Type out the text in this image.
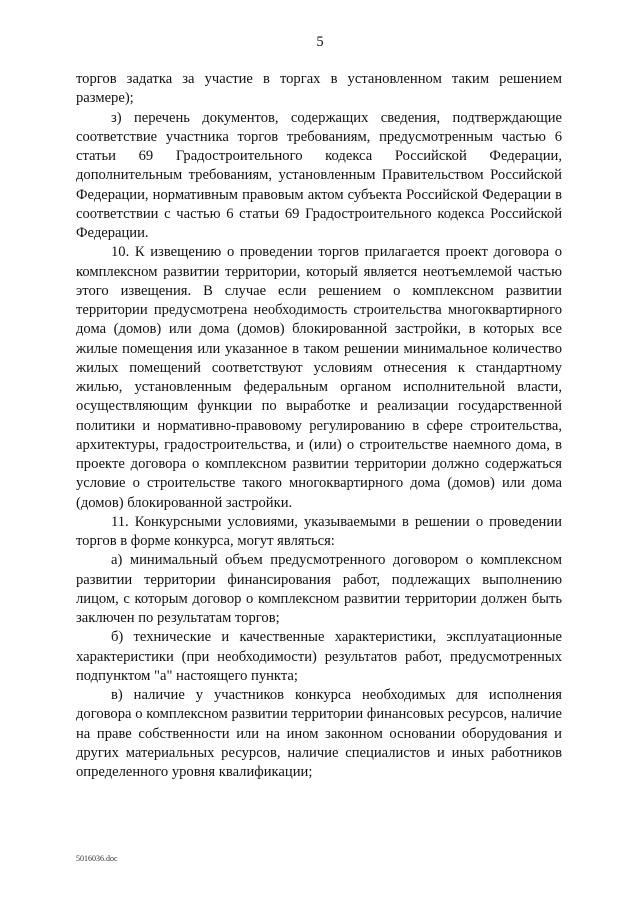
5

торгов задатка за участие в торгах в установленном таким решением размере);

з) перечень документов, содержащих сведения, подтверждающие соответствие участника торгов требованиям, предусмотренным частью 6 статьи 69 Градостроительного кодекса Российской Федерации, дополнительным требованиям, установленным Правительством Российской Федерации, нормативным правовым актом субъекта Российской Федерации в соответствии с частью 6 статьи 69 Градостроительного кодекса Российской Федерации.

10. К извещению о проведении торгов прилагается проект договора о комплексном развитии территории, который является неотъемлемой частью этого извещения. В случае если решением о комплексном развитии территории предусмотрена необходимость строительства многоквартирного дома (домов) или дома (домов) блокированной застройки, в которых все жилые помещения или указанное в таком решении минимальное количество жилых помещений соответствуют условиям отнесения к стандартному жилью, установленным федеральным органом исполнительной власти, осуществляющим функции по выработке и реализации государственной политики и нормативно-правовому регулированию в сфере строительства, архитектуры, градостроительства, и (или) о строительстве наемного дома, в проекте договора о комплексном развитии территории должно содержаться условие о строительстве такого многоквартирного дома (домов) или дома (домов) блокированной застройки.

11. Конкурсными условиями, указываемыми в решении о проведении торгов в форме конкурса, могут являться:

а) минимальный объем предусмотренного договором о комплексном развитии территории финансирования работ, подлежащих выполнению лицом, с которым договор о комплексном развитии территории должен быть заключен по результатам торгов;

б) технические и качественные характеристики, эксплуатационные характеристики (при необходимости) результатов работ, предусмотренных подпунктом "а" настоящего пункта;

в) наличие у участников конкурса необходимых для исполнения договора о комплексном развитии территории финансовых ресурсов, наличие на праве собственности или на ином законном основании оборудования и других материальных ресурсов, наличие специалистов и иных работников определенного уровня квалификации;

5016036.doc
